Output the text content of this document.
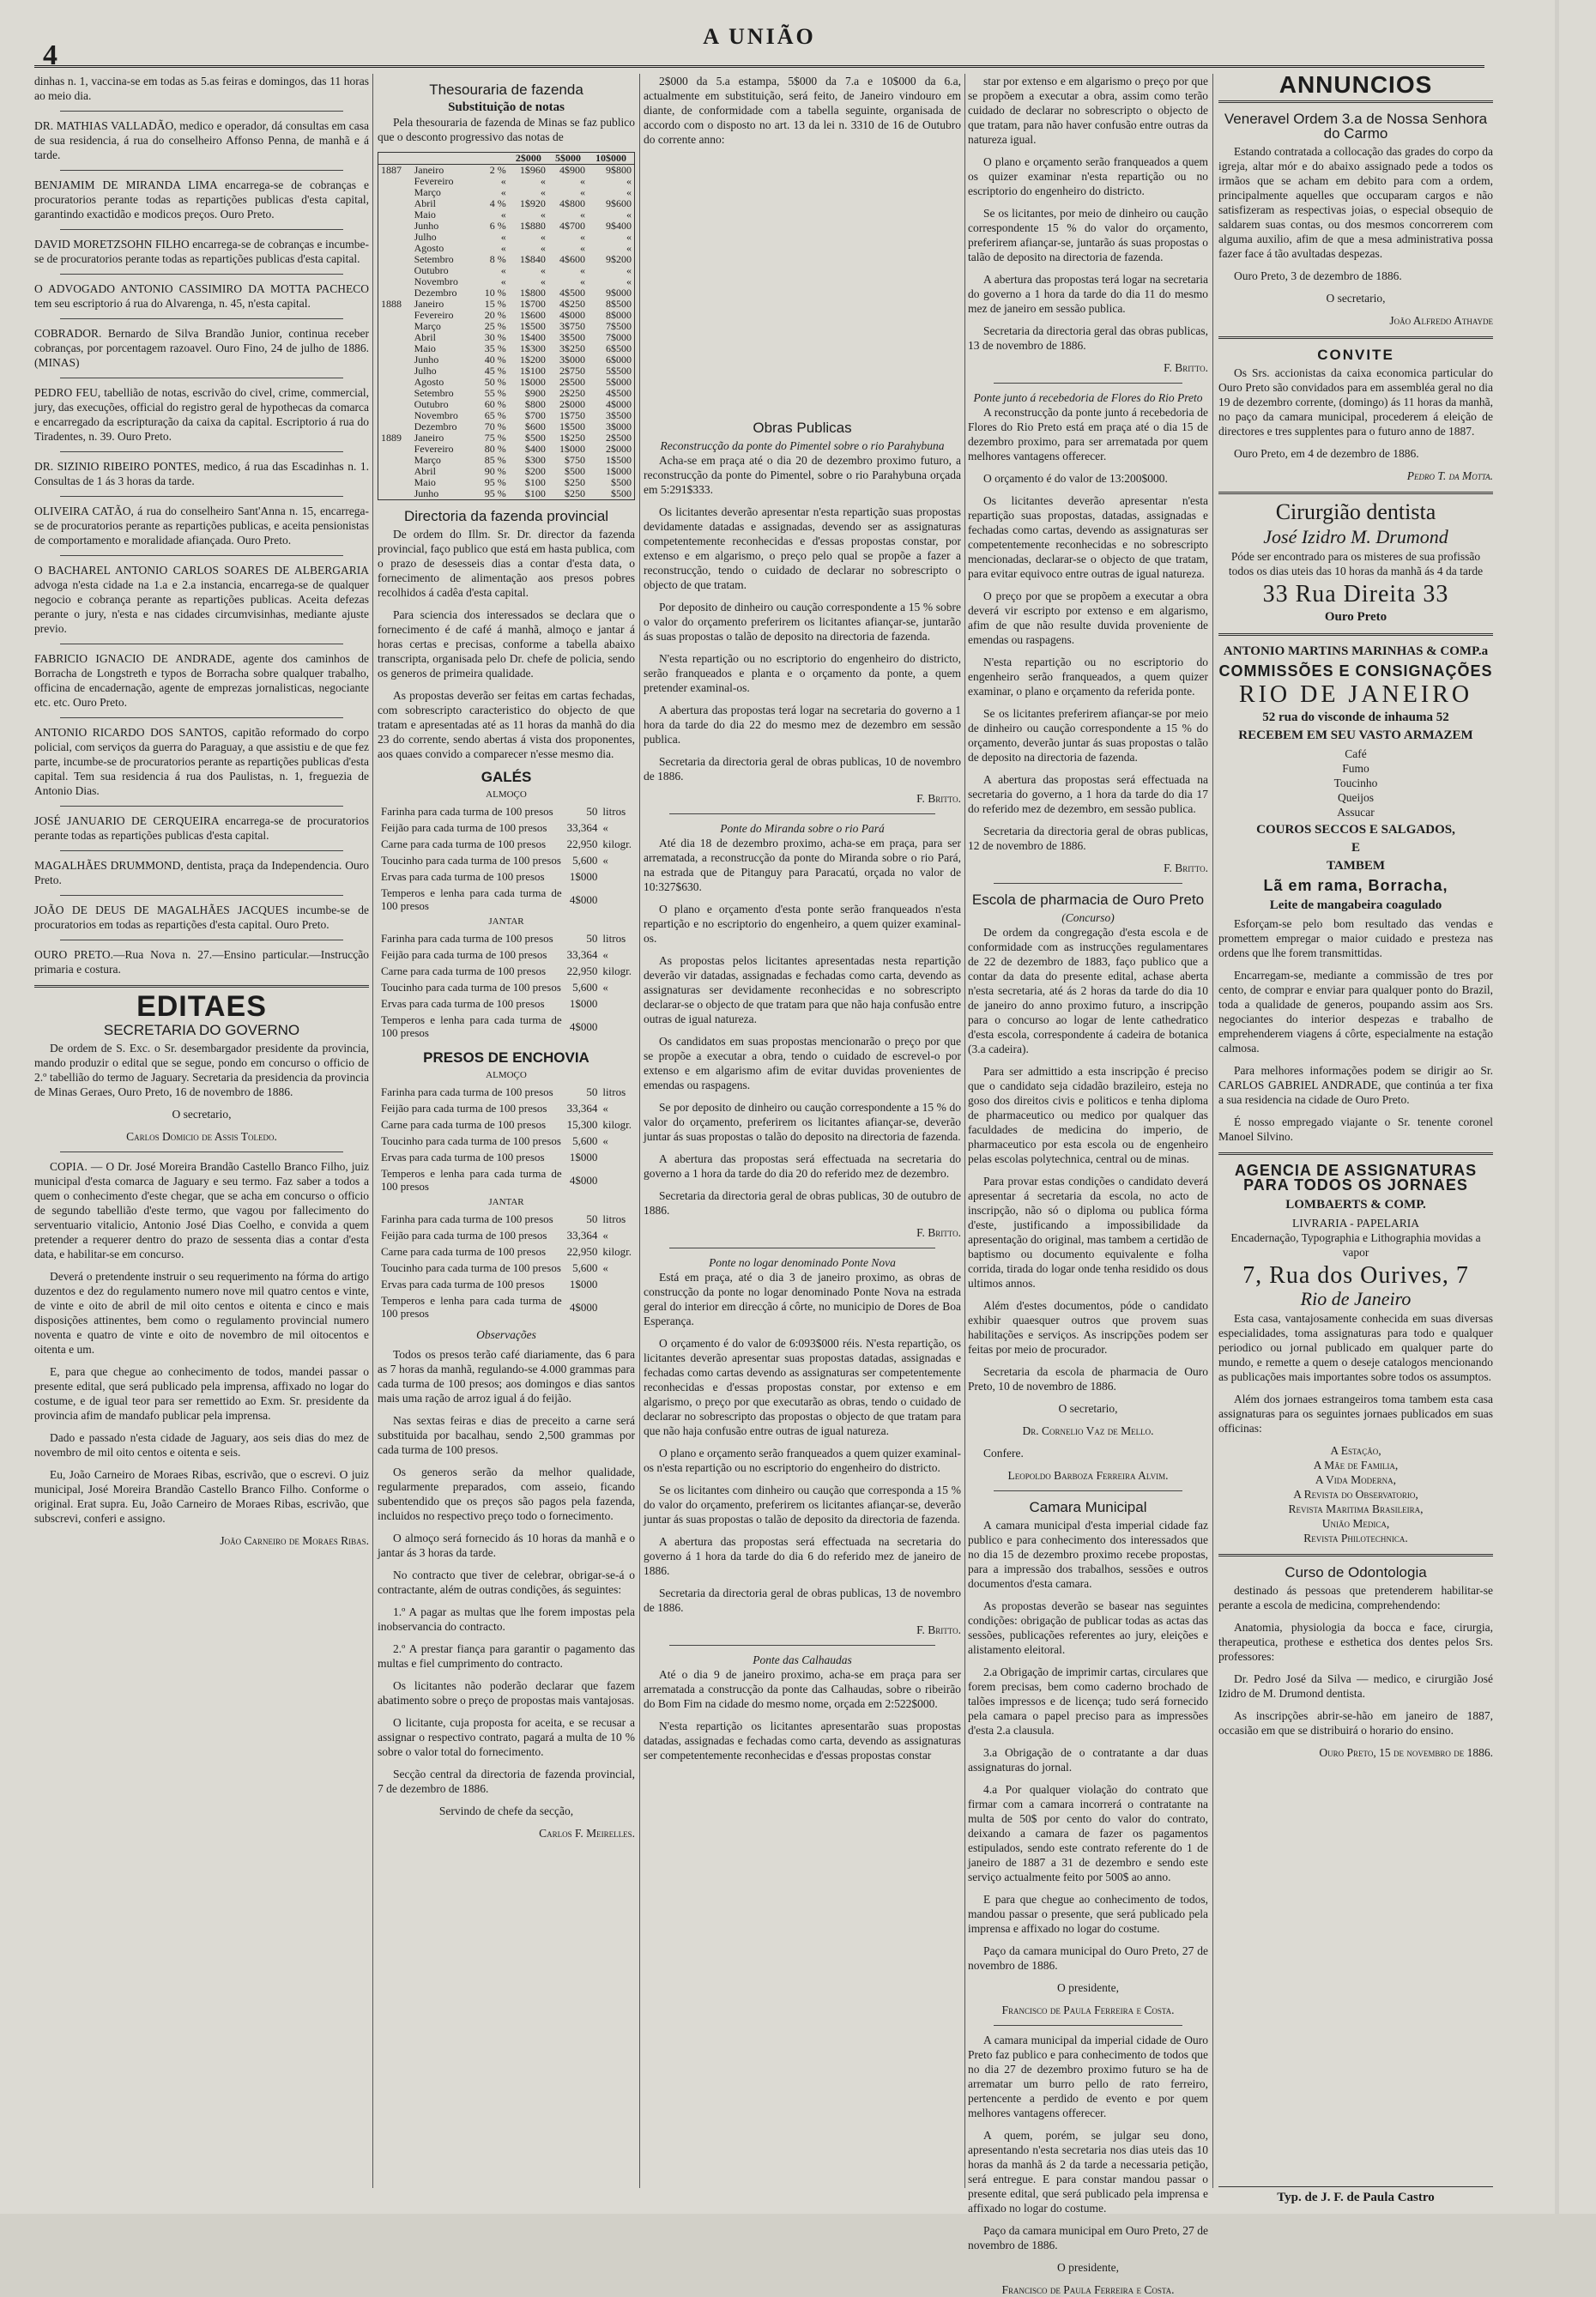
4
A UNIÃO

dinhas n. 1, vaccina-se em todas as 5.as feiras e domingos, das 11 horas ao meio dia.

DR. MATHIAS VALLADÃO, medico e operador, dá consultas em casa de sua residencia, á rua do conselheiro Affonso Penna, de manhã e á tarde.

BENJAMIM DE MIRANDA LIMA encarrega-se de cobranças e procuratorios perante todas as repartições publicas d'esta capital, garantindo exactidão e modicos preços. Ouro Preto.

DAVID MORETZSOHN FILHO encarrega-se de cobranças e incumbe-se de procuratorios perante todas as repartições publicas d'esta capital.

O ADVOGADO ANTONIO CASSIMIRO DA MOTTA PACHECO tem seu escriptorio á rua do Alvarenga, n. 45, n'esta capital.

COBRADOR. Bernardo de Silva Brandão Junior, continua receber cobranças, por porcentagem razoavel. Ouro Fino, 24 de julho de 1886. (MINAS)

PEDRO FEU, tabellião de notas, escrivão do civel, crime, commercial, jury, das execuções, official do registro geral de hypothecas da comarca e encarregado da escripturação da caixa da capital. Escriptorio á rua do Tiradentes, n. 39. Ouro Preto.

DR. SIZINIO RIBEIRO PONTES, medico, á rua das Escadinhas n. 1. Consultas de 1 ás 3 horas da tarde.

OLIVEIRA CATÃO, á rua do conselheiro Sant'Anna n. 15, encarrega-se de procuratorios perante as repartições publicas, e aceita pensionistas de comportamento e moralidade afiançada. Ouro Preto.

O BACHAREL ANTONIO CARLOS SOARES DE ALBERGARIA advoga n'esta cidade na 1.a e 2.a instancia, encarrega-se de qualquer negocio e cobrança perante as repartições publicas. Aceita defezas perante o jury, n'esta e nas cidades circumvisinhas, mediante ajuste previo.

FABRICIO IGNACIO DE ANDRADE, agente dos caminhos de Borracha de Longstreth e typos de Borracha sobre qualquer trabalho, officina de encadernação, agente de emprezas jornalisticas, negociante etc. etc. Ouro Preto.

ANTONIO RICARDO DOS SANTOS, capitão reformado do corpo policial, com serviços da guerra do Paraguay, a que assistiu e de que fez parte, incumbe-se de procuratorios perante as repartições publicas d'esta capital. Tem sua residencia á rua dos Paulistas, n. 1, freguezia de Antonio Dias.

JOSÉ JANUARIO DE CERQUEIRA encarrega-se de procuratorios perante todas as repartições publicas d'esta capital.

MAGALHÃES DRUMMOND, dentista, praça da Independencia. Ouro Preto.

JOÃO DE DEUS DE MAGALHÃES JACQUES incumbe-se de procuratorios em todas as repartições d'esta capital. Ouro Preto.

OURO PRETO.—Rua Nova n. 27.—Ensino particular.—Instrucção primaria e costura.

EDITAES
SECRETARIA DO GOVERNO

De ordem de S. Exc. o Sr. desembargador presidente da provincia, mando produzir o edital que se segue, pondo em concurso o officio de 2.º tabellião do termo de Jaguary. Secretaria da presidencia da provincia de Minas Geraes, Ouro Preto, 16 de novembro de 1886.

O secretario,

Carlos Domicio de Assis Toledo.

COPIA. — O Dr. José Moreira Brandão Castello Branco Filho, juiz municipal d'esta comarca de Jaguary e seu termo. Faz saber a todos a quem o conhecimento d'este chegar, que se acha em concurso o officio de segundo tabellião d'este termo, que vagou por fallecimento do serventuario vitalicio, Antonio José Dias Coelho, e convida a quem pretender a requerer dentro do prazo de sessenta dias a contar d'esta data, e habilitar-se em concurso.

Deverá o pretendente instruir o seu requerimento na fórma do artigo duzentos e dez do regulamento numero nove mil quatro centos e vinte, de vinte e oito de abril de mil oito centos e oitenta e cinco e mais disposições attinentes, bem como o regulamento provincial numero noventa e quatro de vinte e oito de novembro de mil oitocentos e oitenta e um.

E, para que chegue ao conhecimento de todos, mandei passar o presente edital, que será publicado pela imprensa, affixado no logar do costume, e de igual teor para ser remettido ao Exm. Sr. presidente da provincia afim de mandafo publicar pela imprensa.

Dado e passado n'esta cidade de Jaguary, aos seis dias do mez de novembro de mil oito centos e oitenta e seis.

Eu, João Carneiro de Moraes Ribas, escrivão, que o escrevi. O juiz municipal, José Moreira Brandão Castello Branco Filho. Conforme o original. Erat supra. Eu, João Carneiro de Moraes Ribas, escrivão, que subscrevi, conferi e assigno.

João Carneiro de Moraes Ribas.

Thesouraria de fazenda
Substituição de notas

Pela thesouraria de fazenda de Minas se faz publico que o desconto progressivo das notas de

			2$000	5$000	10$000
1887	Janeiro	2 %	1$960	4$900	9$800
	Fevereiro	«	«	«	«
	Março	«	«	«	«
	Abril	4 %	1$920	4$800	9$600
	Maio	«	«	«	«
	Junho	6 %	1$880	4$700	9$400
	Julho	«	«	«	«
	Agosto	«	«	«	«
	Setembro	8 %	1$840	4$600	9$200
	Outubro	«	«	«	«
	Novembro	«	«	«	«
	Dezembro	10 %	1$800	4$500	9$000
1888	Janeiro	15 %	1$700	4$250	8$500
	Fevereiro	20 %	1$600	4$000	8$000
	Março	25 %	1$500	3$750	7$500
	Abril	30 %	1$400	3$500	7$000
	Maio	35 %	1$300	3$250	6$500
	Junho	40 %	1$200	3$000	6$000
	Julho	45 %	1$100	2$750	5$500
	Agosto	50 %	1$000	2$500	5$000
	Setembro	55 %	$900	2$250	4$500
	Outubro	60 %	$800	2$000	4$000
	Novembro	65 %	$700	1$750	3$500
	Dezembro	70 %	$600	1$500	3$000
1889	Janeiro	75 %	$500	1$250	2$500
	Fevereiro	80 %	$400	1$000	2$000
	Março	85 %	$300	$750	1$500
	Abril	90 %	$200	$500	1$000
	Maio	95 %	$100	$250	$500
	Junho	95 %	$100	$250	$500
Directoria da fazenda provincial

De ordem do Illm. Sr. Dr. director da fazenda provincial, faço publico que está em hasta publica, com o prazo de desesseis dias a contar d'esta data, o fornecimento de alimentação aos presos pobres recolhidos á cadêa d'esta capital.

Para sciencia dos interessados se declara que o fornecimento é de café á manhã, almoço e jantar á horas certas e precisas, conforme a tabella abaixo transcripta, organisada pelo Dr. chefe de policia, sendo os generos de primeira qualidade.

As propostas deverão ser feitas em cartas fechadas, com sobrescripto caracteristico do objecto de que tratam e apresentadas até as 11 horas da manhã do dia 23 do corrente, sendo abertas á vista dos proponentes, aos quaes convido a comparecer n'esse mesmo dia.

GALÉS
ALMOÇO
Farinha para cada turma de 100 presos	50	litros
Feijão para cada turma de 100 presos	33,364	«
Carne para cada turma de 100 presos	22,950	kilogr.
Toucinho para cada turma de 100 presos	5,600	«
Ervas para cada turma de 100 presos	1$000	
Temperos e lenha para cada turma de 100 presos	4$000	
JANTAR
Farinha para cada turma de 100 presos	50	litros
Feijão para cada turma de 100 presos	33,364	«
Carne para cada turma de 100 presos	22,950	kilogr.
Toucinho para cada turma de 100 presos	5,600	«
Ervas para cada turma de 100 presos	1$000	
Temperos e lenha para cada turma de 100 presos	4$000	
PRESOS DE ENCHOVIA
ALMOÇO
Farinha para cada turma de 100 presos	50	litros
Feijão para cada turma de 100 presos	33,364	«
Carne para cada turma de 100 presos	15,300	kilogr.
Toucinho para cada turma de 100 presos	5,600	«
Ervas para cada turma de 100 presos	1$000	
Temperos e lenha para cada turma de 100 presos	4$000	
JANTAR
Farinha para cada turma de 100 presos	50	litros
Feijão para cada turma de 100 presos	33,364	«
Carne para cada turma de 100 presos	22,950	kilogr.
Toucinho para cada turma de 100 presos	5,600	«
Ervas para cada turma de 100 presos	1$000	
Temperos e lenha para cada turma de 100 presos	4$000	
Observações

Todos os presos terão café diariamente, das 6 para as 7 horas da manhã, regulando-se 4.000 grammas para cada turma de 100 presos; aos domingos e dias santos mais uma ração de arroz igual á do feijão.

Nas sextas feiras e dias de preceito a carne será substituida por bacalhau, sendo 2,500 grammas por cada turma de 100 presos.

Os generos serão da melhor qualidade, regularmente preparados, com asseio, ficando subentendido que os preços são pagos pela fazenda, incluidos no respectivo preço todo o fornecimento.

O almoço será fornecido ás 10 horas da manhã e o jantar ás 3 horas da tarde.

No contracto que tiver de celebrar, obrigar-se-á o contractante, além de outras condições, ás seguintes:

1.º A pagar as multas que lhe forem impostas pela inobservancia do contracto.

2.º A prestar fiança para garantir o pagamento das multas e fiel cumprimento do contracto.

Os licitantes não poderão declarar que fazem abatimento sobre o preço de propostas mais vantajosas.

O licitante, cuja proposta for aceita, e se recusar a assignar o respectivo contrato, pagará a multa de 10 % sobre o valor total do fornecimento.

Secção central da directoria de fazenda provincial, 7 de dezembro de 1886.

Servindo de chefe da secção,

Carlos F. Meirelles.

2$000 da 5.a estampa, 5$000 da 7.a e 10$000 da 6.a, actualmente em substituição, será feito, de Janeiro vindouro em diante, de conformidade com a tabella seguinte, organisada de accordo com o disposto no art. 13 da lei n. 3310 de 16 de Outubro do corrente anno:

Obras Publicas
Reconstrucção da ponte do Pimentel sobre o rio Parahybuna

Acha-se em praça até o dia 20 de dezembro proximo futuro, a reconstrucção da ponte do Pimentel, sobre o rio Parahybuna orçada em 5:291$333.

Os licitantes deverão apresentar n'esta repartição suas propostas devidamente datadas e assignadas, devendo ser as assignaturas competentemente reconhecidas e d'essas propostas constar, por extenso e em algarismo, o preço pelo qual se propõe a fazer a reconstrucção, tendo o cuidado de declarar no sobrescripto o objecto de que tratam.

Por deposito de dinheiro ou caução correspondente a 15 % sobre o valor do orçamento preferirem os licitantes afiançar-se, juntarão ás suas propostas o talão de deposito na directoria de fazenda.

N'esta repartição ou no escriptorio do engenheiro do districto, serão franqueados e planta e o orçamento da ponte, a quem pretender examinal-os.

A abertura das propostas terá logar na secretaria do governo a 1 hora da tarde do dia 22 do mesmo mez de dezembro em sessão publica.

Secretaria da directoria geral de obras publicas, 10 de novembro de 1886.

F. Britto.

Ponte do Miranda sobre o rio Pará

Até dia 18 de dezembro proximo, acha-se em praça, para ser arrematada, a reconstrucção da ponte do Miranda sobre o rio Pará, na estrada que de Pitanguy para Paracatú, orçada no valor de 10:327$630.

O plano e orçamento d'esta ponte serão franqueados n'esta repartição e no escriptorio do engenheiro, a quem quizer examinal-os.

As propostas pelos licitantes apresentadas nesta repartição deverão vir datadas, assignadas e fechadas como carta, devendo as assignaturas ser devidamente reconhecidas e no sobrescripto declarar-se o objecto de que tratam para que não haja confusão entre outras de igual natureza.

Os candidatos em suas propostas mencionarão o preço por que se propõe a executar a obra, tendo o cuidado de escrevel-o por extenso e em algarismo afim de evitar duvidas provenientes de emendas ou raspagens.

Se por deposito de dinheiro ou caução correspondente a 15 % do valor do orçamento, preferirem os licitantes afiançar-se, deverão juntar ás suas propostas o talão do deposito na directoria de fazenda.

A abertura das propostas será effectuada na secretaria do governo a 1 hora da tarde do dia 20 do referido mez de dezembro.

Secretaria da directoria geral de obras publicas, 30 de outubro de 1886.

F. Britto.

Ponte no logar denominado Ponte Nova

Está em praça, até o dia 3 de janeiro proximo, as obras de construcção da ponte no logar denominado Ponte Nova na estrada geral do interior em direcção á côrte, no municipio de Dores de Boa Esperança.

O orçamento é do valor de 6:093$000 réis. N'esta repartição, os licitantes deverão apresentar suas propostas datadas, assignadas e fechadas como cartas devendo as assignaturas ser competentemente reconhecidas e d'essas propostas constar, por extenso e em algarismo, o preço por que executarão as obras, tendo o cuidado de declarar no sobrescripto das propostas o objecto de que tratam para que não haja confusão entre outras de igual natureza.

O plano e orçamento serão franqueados a quem quizer examinal-os n'esta repartição ou no escriptorio do engenheiro do districto.

Se os licitantes com dinheiro ou caução que corresponda a 15 % do valor do orçamento, preferirem os licitantes afiançar-se, deverão juntar ás suas propostas o talão de deposito da directoria de fazenda.

A abertura das propostas será effectuada na secretaria do governo á 1 hora da tarde do dia 6 do referido mez de janeiro de 1886.

Secretaria da directoria geral de obras publicas, 13 de novembro de 1886.

F. Britto.

Ponte das Calhaudas

Até o dia 9 de janeiro proximo, acha-se em praça para ser arrematada a construcção da ponte das Calhaudas, sobre o ribeirão do Bom Fim na cidade do mesmo nome, orçada em 2:522$000.

N'esta repartição os licitantes apresentarão suas propostas datadas, assignadas e fechadas como carta, devendo as assignaturas ser competentemente reconhecidas e d'essas propostas constar

star por extenso e em algarismo o preço por que se propõem a executar a obra, assim como terão cuidado de declarar no sobrescripto o objecto de que tratam, para não haver confusão entre outras da natureza igual.

O plano e orçamento serão franqueados a quem os quizer examinar n'esta repartição ou no escriptorio do engenheiro do districto.

Se os licitantes, por meio de dinheiro ou caução correspondente 15 % do valor do orçamento, preferirem afiançar-se, juntarão ás suas propostas o talão de deposito na directoria de fazenda.

A abertura das propostas terá logar na secretaria do governo a 1 hora da tarde do dia 11 do mesmo mez de janeiro em sessão publica.

Secretaria da directoria geral das obras publicas, 13 de novembro de 1886.

F. Britto.

Ponte junto á recebedoria de Flores do Rio Preto

A reconstrucção da ponte junto á recebedoria de Flores do Rio Preto está em praça até o dia 15 de dezembro proximo, para ser arrematada por quem melhores vantagens offerecer.

O orçamento é do valor de 13:200$000.

Os licitantes deverão apresentar n'esta repartição suas propostas, datadas, assignadas e fechadas como cartas, devendo as assignaturas ser competentemente reconhecidas e no sobrescripto mencionadas, declarar-se o objecto de que tratam, para evitar equivoco entre outras de igual natureza.

O preço por que se propõem a executar a obra deverá vir escripto por extenso e em algarismo, afim de que não resulte duvida proveniente de emendas ou raspagens.

N'esta repartição ou no escriptorio do engenheiro serão franqueados, a quem quizer examinar, o plano e orçamento da referida ponte.

Se os licitantes preferirem afiançar-se por meio de dinheiro ou caução correspondente a 15 % do orçamento, deverão juntar ás suas propostas o talão de deposito na directoria de fazenda.

A abertura das propostas será effectuada na secretaria do governo, a 1 hora da tarde do dia 17 do referido mez de dezembro, em sessão publica.

Secretaria da directoria geral de obras publicas, 12 de novembro de 1886.

F. Britto.

Escola de pharmacia de Ouro Preto
(Concurso)

De ordem da congregação d'esta escola e de conformidade com as instrucções regulamentares de 22 de dezembro de 1883, faço publico que a contar da data do presente edital, achase aberta n'esta secretaria, até ás 2 horas da tarde do dia 10 de janeiro do anno proximo futuro, a inscripção para o concurso ao logar de lente cathedratico d'esta escola, correspondente á cadeira de botanica (3.a cadeira).

Para ser admittido a esta inscripção é preciso que o candidato seja cidadão brazileiro, esteja no goso dos direitos civis e politicos e tenha diploma de pharmaceutico ou medico por qualquer das faculdades de medicina do imperio, de pharmaceutico por esta escola ou de engenheiro pelas escolas polytechnica, central ou de minas.

Para provar estas condições o candidato deverá apresentar á secretaria da escola, no acto de inscripção, não só o diploma ou publica fórma d'este, justificando a impossibilidade da apresentação do original, mas tambem a certidão de baptismo ou documento equivalente e folha corrida, tirada do logar onde tenha residido os dous ultimos annos.

Além d'estes documentos, póde o candidato exhibir quaesquer outros que provem suas habilitações e serviços. As inscripções podem ser feitas por meio de procurador.

Secretaria da escola de pharmacia de Ouro Preto, 10 de novembro de 1886.

O secretario,

Dr. Cornelio Vaz de Mello.

Confere.

Leopoldo Barboza Ferreira Alvim.

Camara Municipal

A camara municipal d'esta imperial cidade faz publico e para conhecimento dos interessados que no dia 15 de dezembro proximo recebe propostas, para a impressão dos trabalhos, sessões e outros documentos d'esta camara.

As propostas deverão se basear nas seguintes condições: obrigação de publicar todas as actas das sessões, publicações referentes ao jury, eleições e alistamento eleitoral.

2.a Obrigação de imprimir cartas, circulares que forem precisas, bem como caderno brochado de talões impressos e de licença; tudo será fornecido pela camara o papel preciso para as impressões d'esta 2.a clausula.

3.a Obrigação de o contratante a dar duas assignaturas do jornal.

4.a Por qualquer violação do contrato que firmar com a camara incorrerá o contratante na multa de 50$ por cento do valor do contrato, deixando a camara de fazer os pagamentos estipulados, sendo este contrato referente do 1 de janeiro de 1887 a 31 de dezembro e sendo este serviço actualmente feito por 500$ ao anno.

E para que chegue ao conhecimento de todos, mandou passar o presente, que será publicado pela imprensa e affixado no logar do costume.

Paço da camara municipal do Ouro Preto, 27 de novembro de 1886.

O presidente,

Francisco de Paula Ferreira e Costa.

A camara municipal da imperial cidade de Ouro Preto faz publico e para conhecimento de todos que no dia 27 de dezembro proximo futuro se ha de arrematar um burro pello de rato ferreiro, pertencente a perdido de evento e por quem melhores vantagens offerecer.

A quem, porém, se julgar seu dono, apresentando n'esta secretaria nos dias uteis das 10 horas da manhã ás 2 da tarde a necessaria petição, será entregue. E para constar mandou passar o presente edital, que será publicado pela imprensa e affixado no logar do costume.

Paço da camara municipal em Ouro Preto, 27 de novembro de 1886.

O presidente,

Francisco de Paula Ferreira e Costa.

ANNUNCIOS
Veneravel Ordem 3.a de Nossa Senhora do Carmo

Estando contratada a collocação das grades do corpo da igreja, altar mór e do abaixo assignado pede a todos os irmãos que se acham em debito para com a ordem, principalmente aquelles que occuparam cargos e não satisfizeram as respectivas joias, o especial obsequio de saldarem suas contas, ou dos mesmos concorrerem com alguma auxilio, afim de que a mesa administrativa possa fazer face á tão avultadas despezas.

Ouro Preto, 3 de dezembro de 1886.

O secretario,

João Alfredo Athayde

CONVITE

Os Srs. accionistas da caixa economica particular do Ouro Preto são convidados para em assembléa geral no dia 19 de dezembro corrente, (domingo) ás 11 horas da manhã, no paço da camara municipal, procederem á eleição de directores e tres supplentes para o futuro anno de 1887.

Ouro Preto, em 4 de dezembro de 1886.

Pedro T. da Motta.

Cirurgião dentista
José Izidro M. Drumond

Póde ser encontrado para os misteres de sua profissão todos os dias uteis das 10 horas da manhã ás 4 da tarde

33 Rua Direita 33
Ouro Preto
ANTONIO MARTINS MARINHAS & COMP.a
COMMISSÕES E CONSIGNAÇÕES
RIO DE JANEIRO
52 rua do visconde de inhauma 52
RECEBEM EM SEU VASTO ARMAZEM
Café
Fumo
Toucinho
Queijos
Assucar
COUROS SECCOS E SALGADOS,
E
TAMBEM
Lã em rama, Borracha,
Leite de mangabeira coagulado

Esforçam-se pelo bom resultado das vendas e promettem empregar o maior cuidado e presteza nas ordens que lhe forem transmittidas.

Encarregam-se, mediante a commissão de tres por cento, de comprar e enviar para qualquer ponto do Brazil, toda a qualidade de generos, poupando assim aos Srs. negociantes do interior despezas e trabalho de emprehenderem viagens á côrte, especialmente na estação calmosa.

Para melhores informações podem se dirigir ao Sr. CARLOS GABRIEL ANDRADE, que continúa a ter fixa a sua residencia na cidade de Ouro Preto.

É nosso empregado viajante o Sr. tenente coronel Manoel Silvino.

AGENCIA DE ASSIGNATURAS PARA TODOS OS JORNAES
LOMBAERTS & COMP.
LIVRARIA - PAPELARIA

Encadernação, Typographia e Lithographia movidas a vapor

7, Rua dos Ourives, 7
Rio de Janeiro

Esta casa, vantajosamente conhecida em suas diversas especialidades, toma assignaturas para todo e qualquer periodico ou jornal publicado em qualquer parte do mundo, e remette a quem o deseje catalogos mencionando as publicações mais importantes sobre todos os assumptos.

Além dos jornaes estrangeiros toma tambem esta casa assignaturas para os seguintes jornaes publicados em suas officinas:

A Estação,
A Mãe de Familia,
A Vida Moderna,
A Revista do Observatorio,
Revista Maritima Brasileira,
União Medica,
Revista Philotechnica.
Curso de Odontologia

destinado ás pessoas que pretenderem habilitar-se perante a escola de medicina, comprehendendo:

Anatomia, physiologia da bocca e face, cirurgia, therapeutica, prothese e esthetica dos dentes pelos Srs. professores:

Dr. Pedro José da Silva — medico, e cirurgião José Izidro de M. Drumond dentista.

As inscripções abrir-se-hão em janeiro de 1887, occasião em que se distribuirá o horario do ensino.

Ouro Preto, 15 de novembro de 1886.

Typ. de J. F. de Paula Castro
